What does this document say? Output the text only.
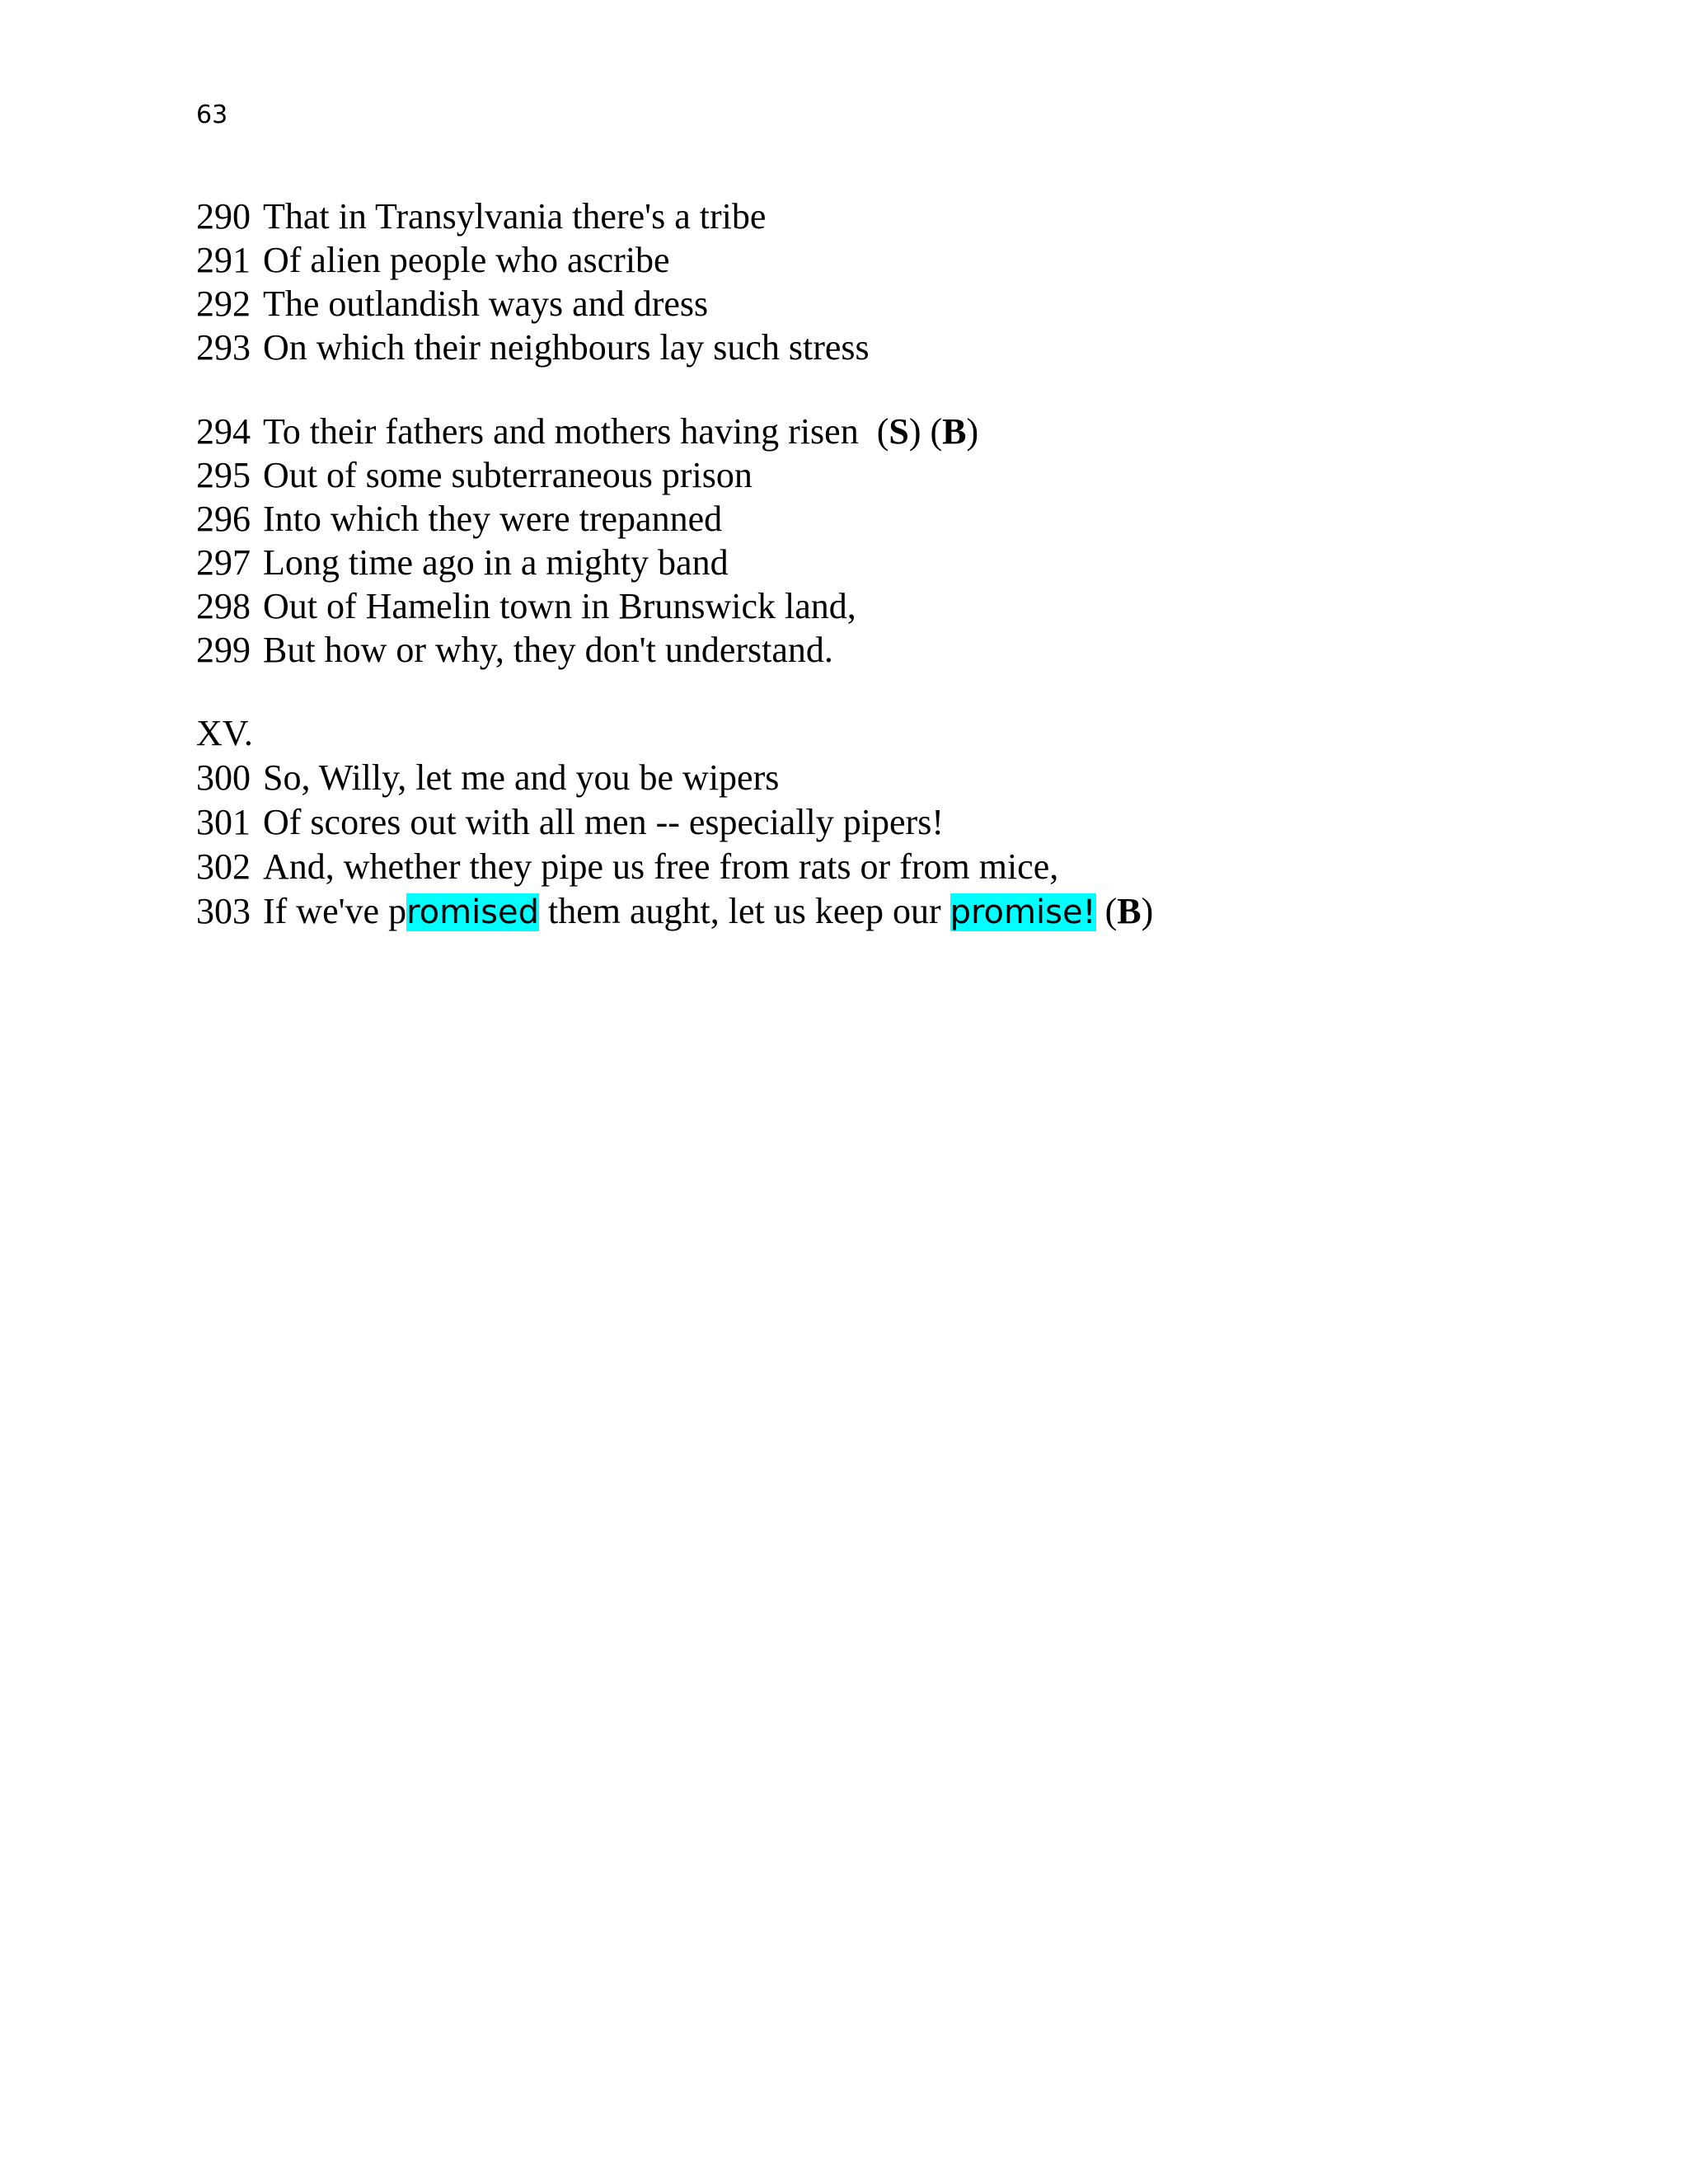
63
290 That in Transylvania there's a tribe
291 Of alien people who ascribe
292 The outlandish ways and dress
293 On which their neighbours lay such stress
294 To their fathers and mothers having risen  (S) (B)
295 Out of some subterraneous prison
296 Into which they were trepanned
297 Long time ago in a mighty band
298 Out of Hamelin town in Brunswick land,
299 But how or why, they don't understand.
XV.
300 So, Willy, let me and you be wipers
301 Of scores out with all men -- especially pipers!
302 And, whether they pipe us free from rats or from mice,
303 If we've promised them aught, let us keep our promise! (B)
